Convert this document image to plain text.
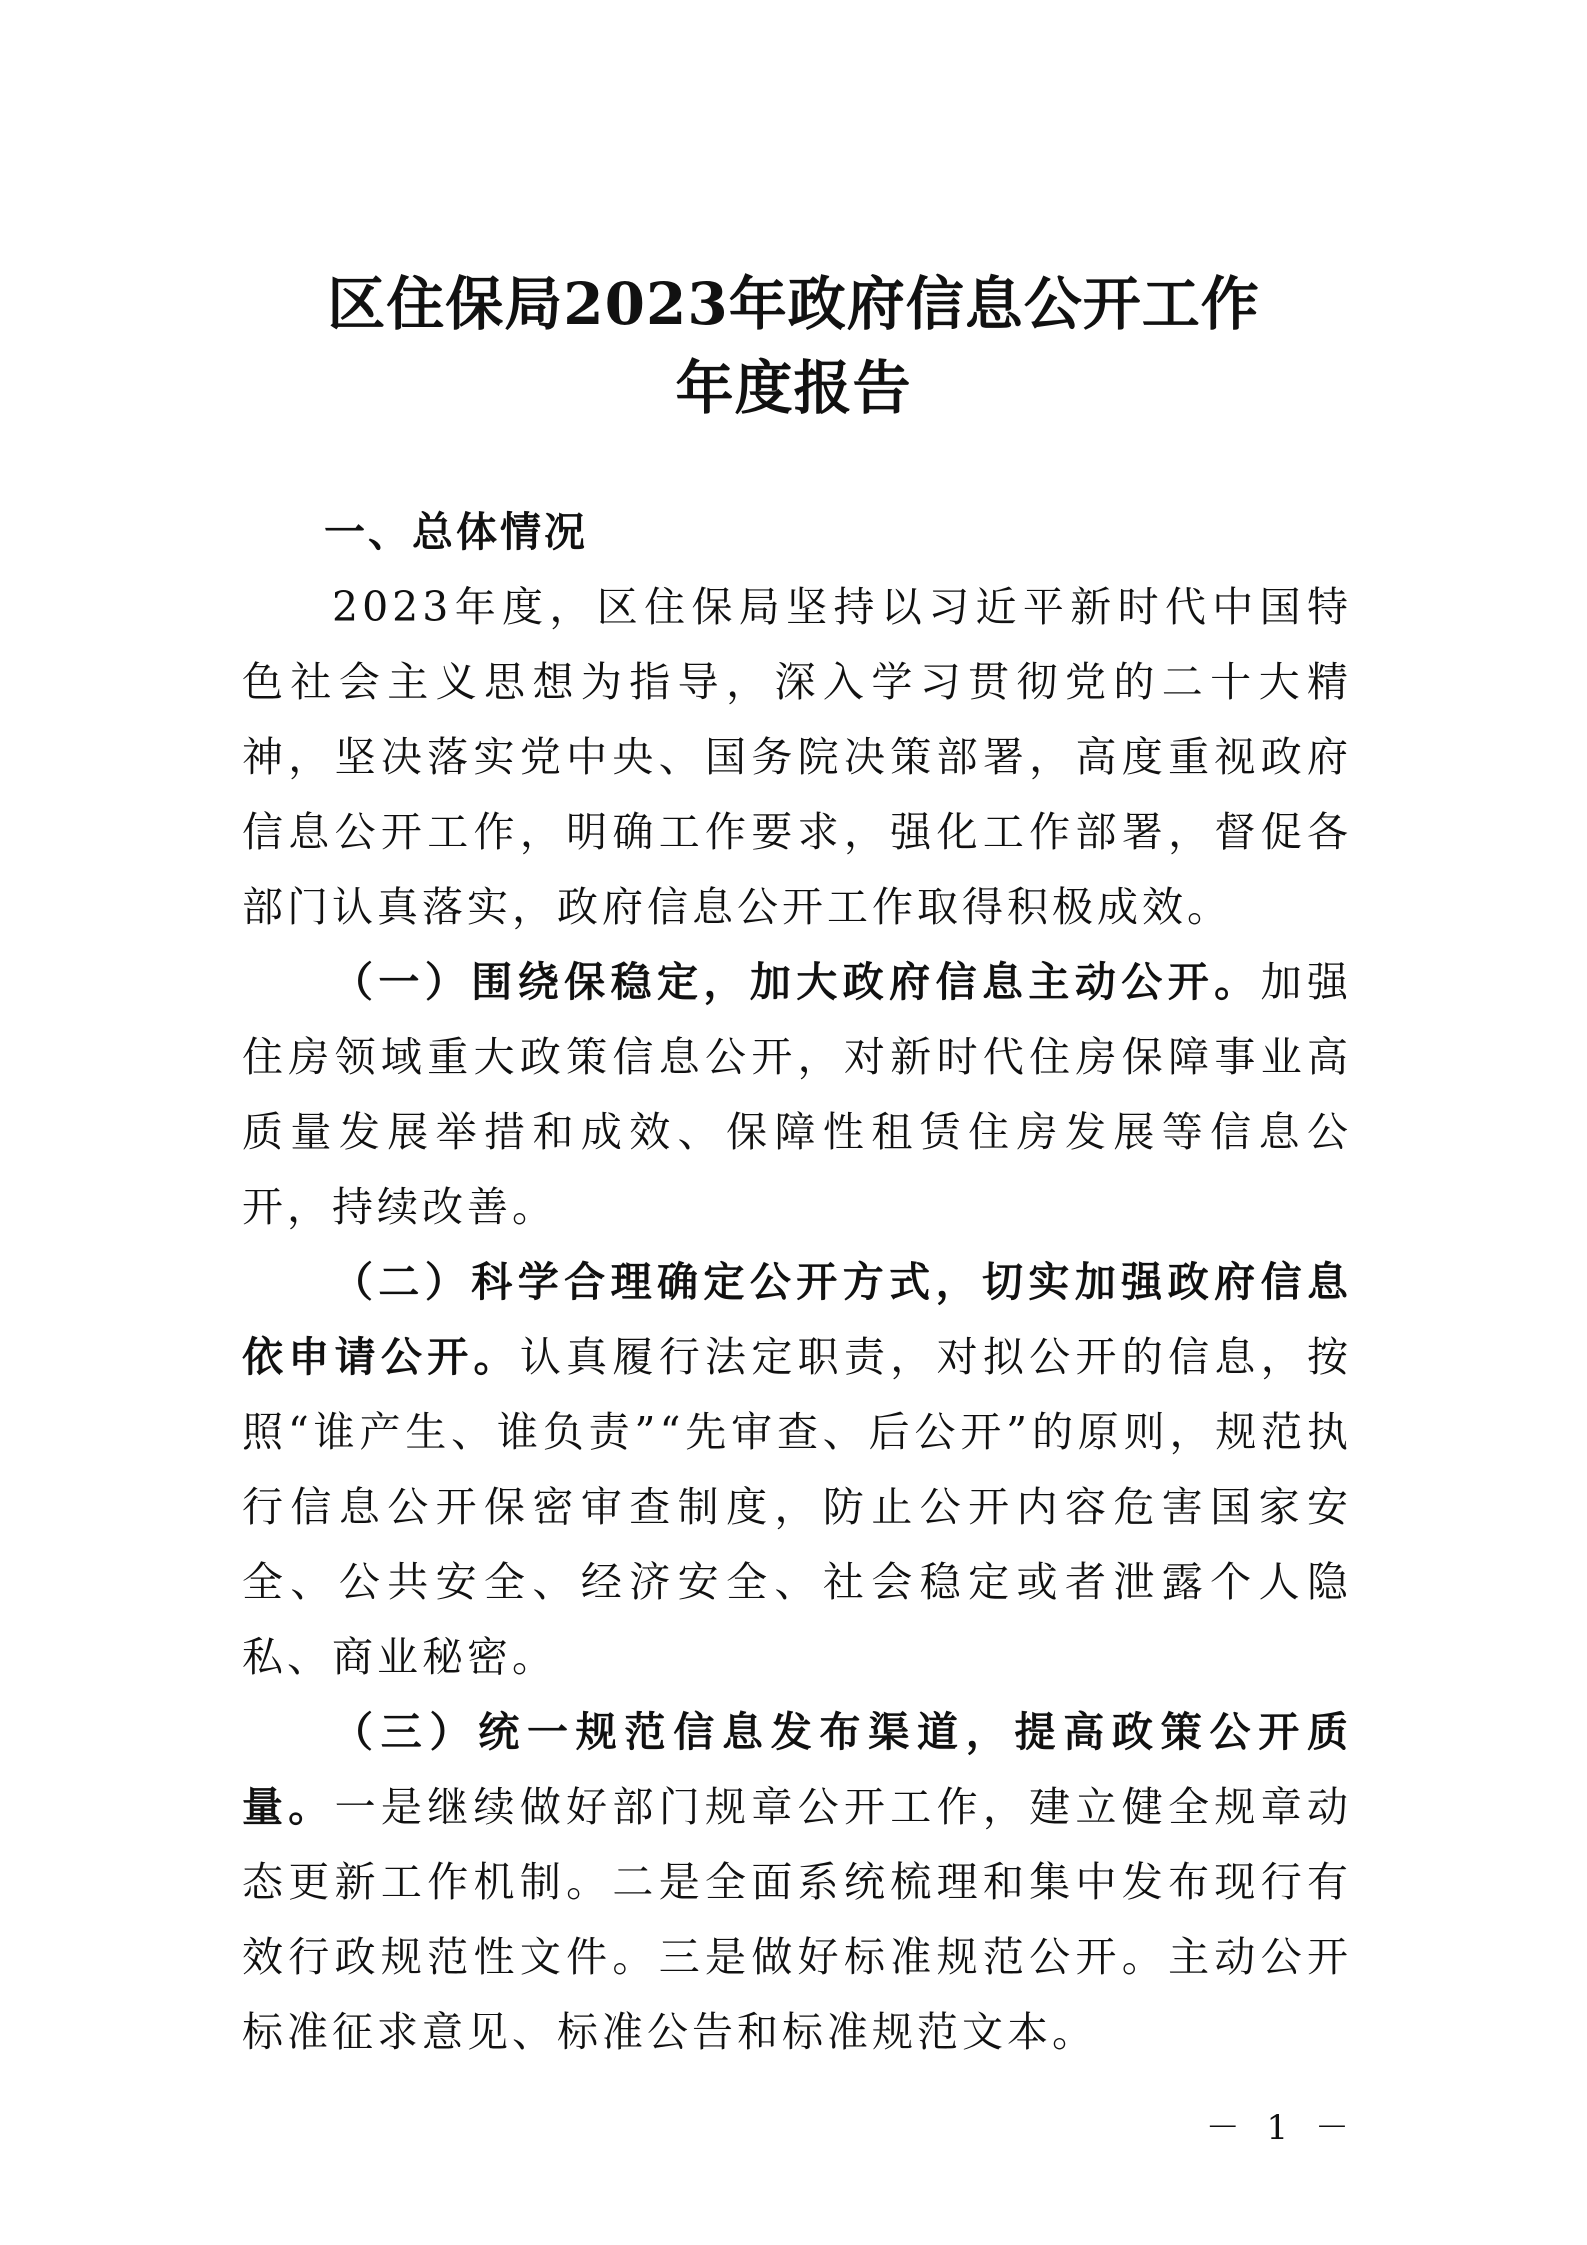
区住保局2023年政府信息公开工作
年度报告

一、总体情况

2023年度，区住保局坚持以习近平新时代中国特色社会主义思想为指导，深入学习贯彻党的二十大精神，坚决落实党中央、国务院决策部署，高度重视政府信息公开工作，明确工作要求，强化工作部署，督促各部门认真落实，政府信息公开工作取得积极成效。

（一）围绕保稳定，加大政府信息主动公开。加强住房领域重大政策信息公开，对新时代住房保障事业高质量发展举措和成效、保障性租赁住房发展等信息公开，持续改善。

（二）科学合理确定公开方式，切实加强政府信息依申请公开。认真履行法定职责，对拟公开的信息，按照“谁产生、谁负责”“先审查、后公开”的原则，规范执行信息公开保密审查制度，防止公开内容危害国家安全、公共安全、经济安全、社会稳定或者泄露个人隐私、商业秘密。

（三）统一规范信息发布渠道，提高政策公开质量。一是继续做好部门规章公开工作，建立健全规章动态更新工作机制。二是全面系统梳理和集中发布现行有效行政规范性文件。三是做好标准规范公开。主动公开标准征求意见、标准公告和标准规范文本。

－ 1 －
